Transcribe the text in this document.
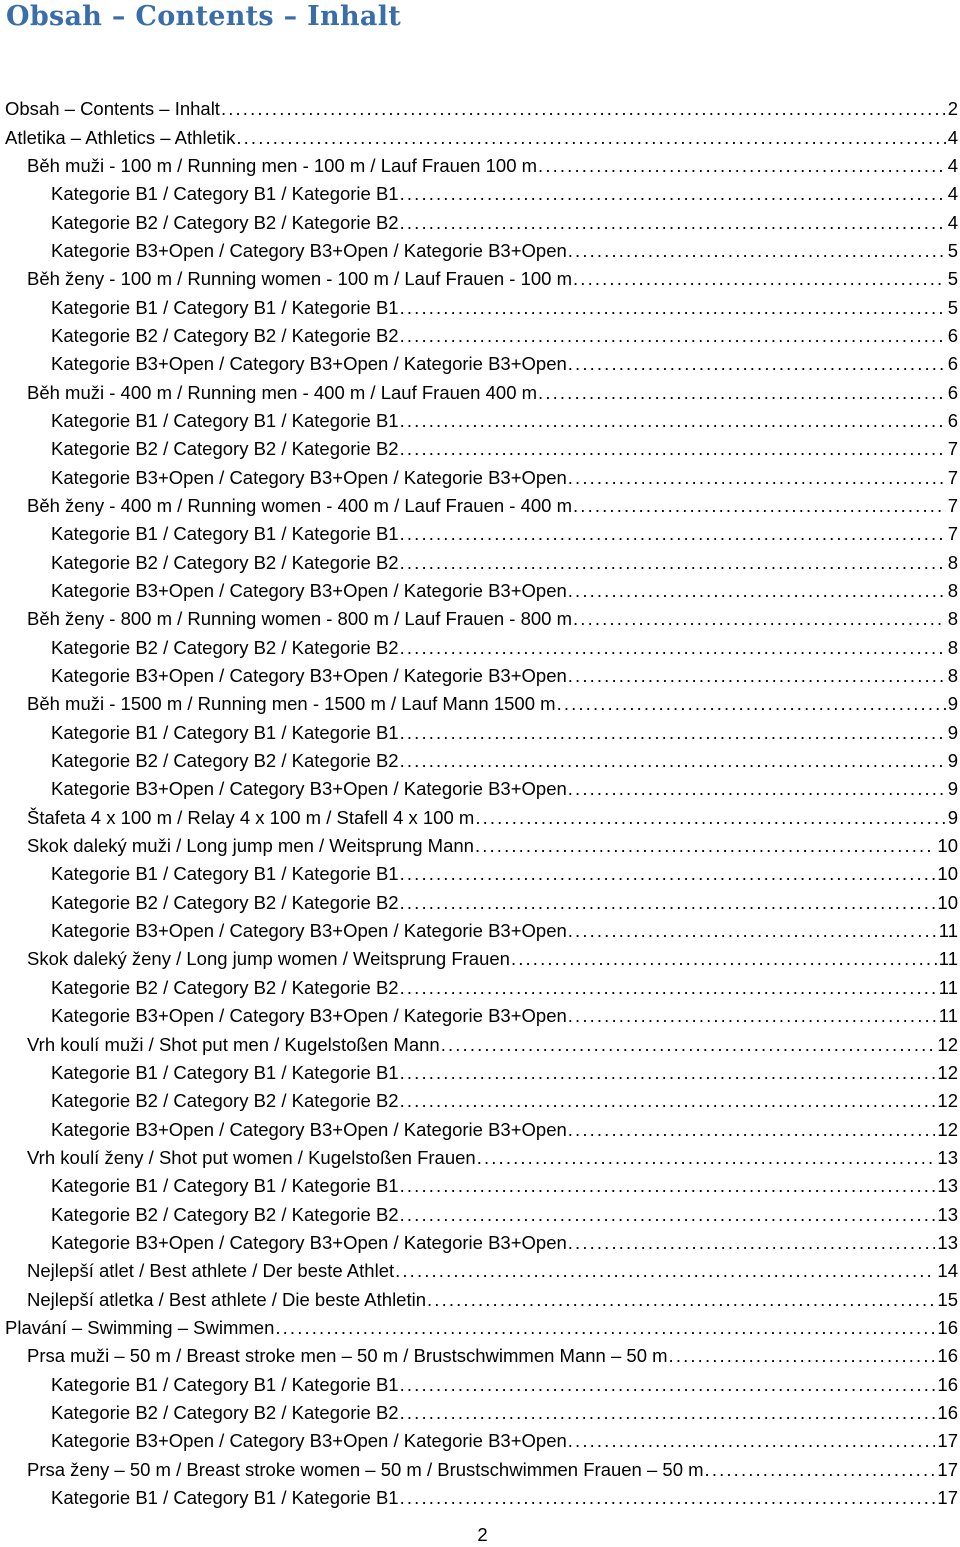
Obsah – Contents – Inhalt
Obsah – Contents – Inhalt . . .	2
Atletika – Athletics – Athletik . . .	4
Běh muži - 100 m / Running men - 100 m / Lauf Frauen 100 m . . .	4
Kategorie B1 / Category B1 / Kategorie B1 . . .	4
Kategorie B2 / Category B2 / Kategorie B2 . . .	4
Kategorie B3+Open / Category B3+Open / Kategorie B3+Open . . .	5
Běh ženy - 100 m / Running women - 100 m / Lauf Frauen - 100 m . . .	5
Kategorie B1 / Category B1 / Kategorie B1 . . .	5
Kategorie B2 / Category B2 / Kategorie B2 . . .	6
Kategorie B3+Open / Category B3+Open / Kategorie B3+Open . . .	6
Běh muži - 400 m / Running men - 400 m / Lauf Frauen 400 m . . .	6
Kategorie B1 / Category B1 / Kategorie B1 . . .	6
Kategorie B2 / Category B2 / Kategorie B2 . . .	7
Kategorie B3+Open / Category B3+Open / Kategorie B3+Open . . .	7
Běh ženy - 400 m / Running women - 400 m / Lauf Frauen - 400 m . . .	7
Kategorie B1 / Category B1 / Kategorie B1 . . .	7
Kategorie B2 / Category B2 / Kategorie B2 . . .	8
Kategorie B3+Open / Category B3+Open / Kategorie B3+Open . . .	8
Běh ženy - 800 m / Running women - 800 m / Lauf Frauen - 800 m . . .	8
Kategorie B2 / Category B2 / Kategorie B2 . . .	8
Kategorie B3+Open / Category B3+Open / Kategorie B3+Open . . .	8
Běh muži - 1500 m / Running men - 1500 m / Lauf Mann 1500 m . . .	9
Kategorie B1 / Category B1 / Kategorie B1 . . .	9
Kategorie B2 / Category B2 / Kategorie B2 . . .	9
Kategorie B3+Open / Category B3+Open / Kategorie B3+Open . . .	9
Štafeta 4 x 100 m / Relay 4 x 100 m / Stafell 4 x 100 m . . .	9
Skok daleký muži / Long jump men / Weitsprung Mann . . .	10
Kategorie B1 / Category B1 / Kategorie B1 . . .	10
Kategorie B2 / Category B2 / Kategorie B2 . . .	10
Kategorie B3+Open / Category B3+Open / Kategorie B3+Open . . .	11
Skok daleký ženy / Long jump women / Weitsprung Frauen . . .	11
Kategorie B2 / Category B2 / Kategorie B2 . . .	11
Kategorie B3+Open / Category B3+Open / Kategorie B3+Open . . .	11
Vrh koulí muži / Shot put men / Kugelstoßen Mann . . .	12
Kategorie B1 / Category B1 / Kategorie B1 . . .	12
Kategorie B2 / Category B2 / Kategorie B2 . . .	12
Kategorie B3+Open / Category B3+Open / Kategorie B3+Open . . .	12
Vrh koulí ženy / Shot put women / Kugelstoßen Frauen . . .	13
Kategorie B1 / Category B1 / Kategorie B1 . . .	13
Kategorie B2 / Category B2 / Kategorie B2 . . .	13
Kategorie B3+Open / Category B3+Open / Kategorie B3+Open . . .	13
Nejlepší atlet / Best athlete / Der beste Athlet . . .	14
Nejlepší atletka / Best athlete / Die beste Athletin . . .	15
Plavání – Swimming – Swimmen . . .	16
Prsa muži – 50 m / Breast stroke men – 50 m / Brustschwimmen Mann – 50 m . . .	16
Kategorie B1 / Category B1 / Kategorie B1 . . .	16
Kategorie B2 / Category B2 / Kategorie B2 . . .	16
Kategorie B3+Open / Category B3+Open / Kategorie B3+Open . . .	17
Prsa ženy – 50 m / Breast stroke women – 50 m / Brustschwimmen Frauen – 50 m . . .	17
Kategorie B1 / Category B1 / Kategorie B1 . . .	17
2
